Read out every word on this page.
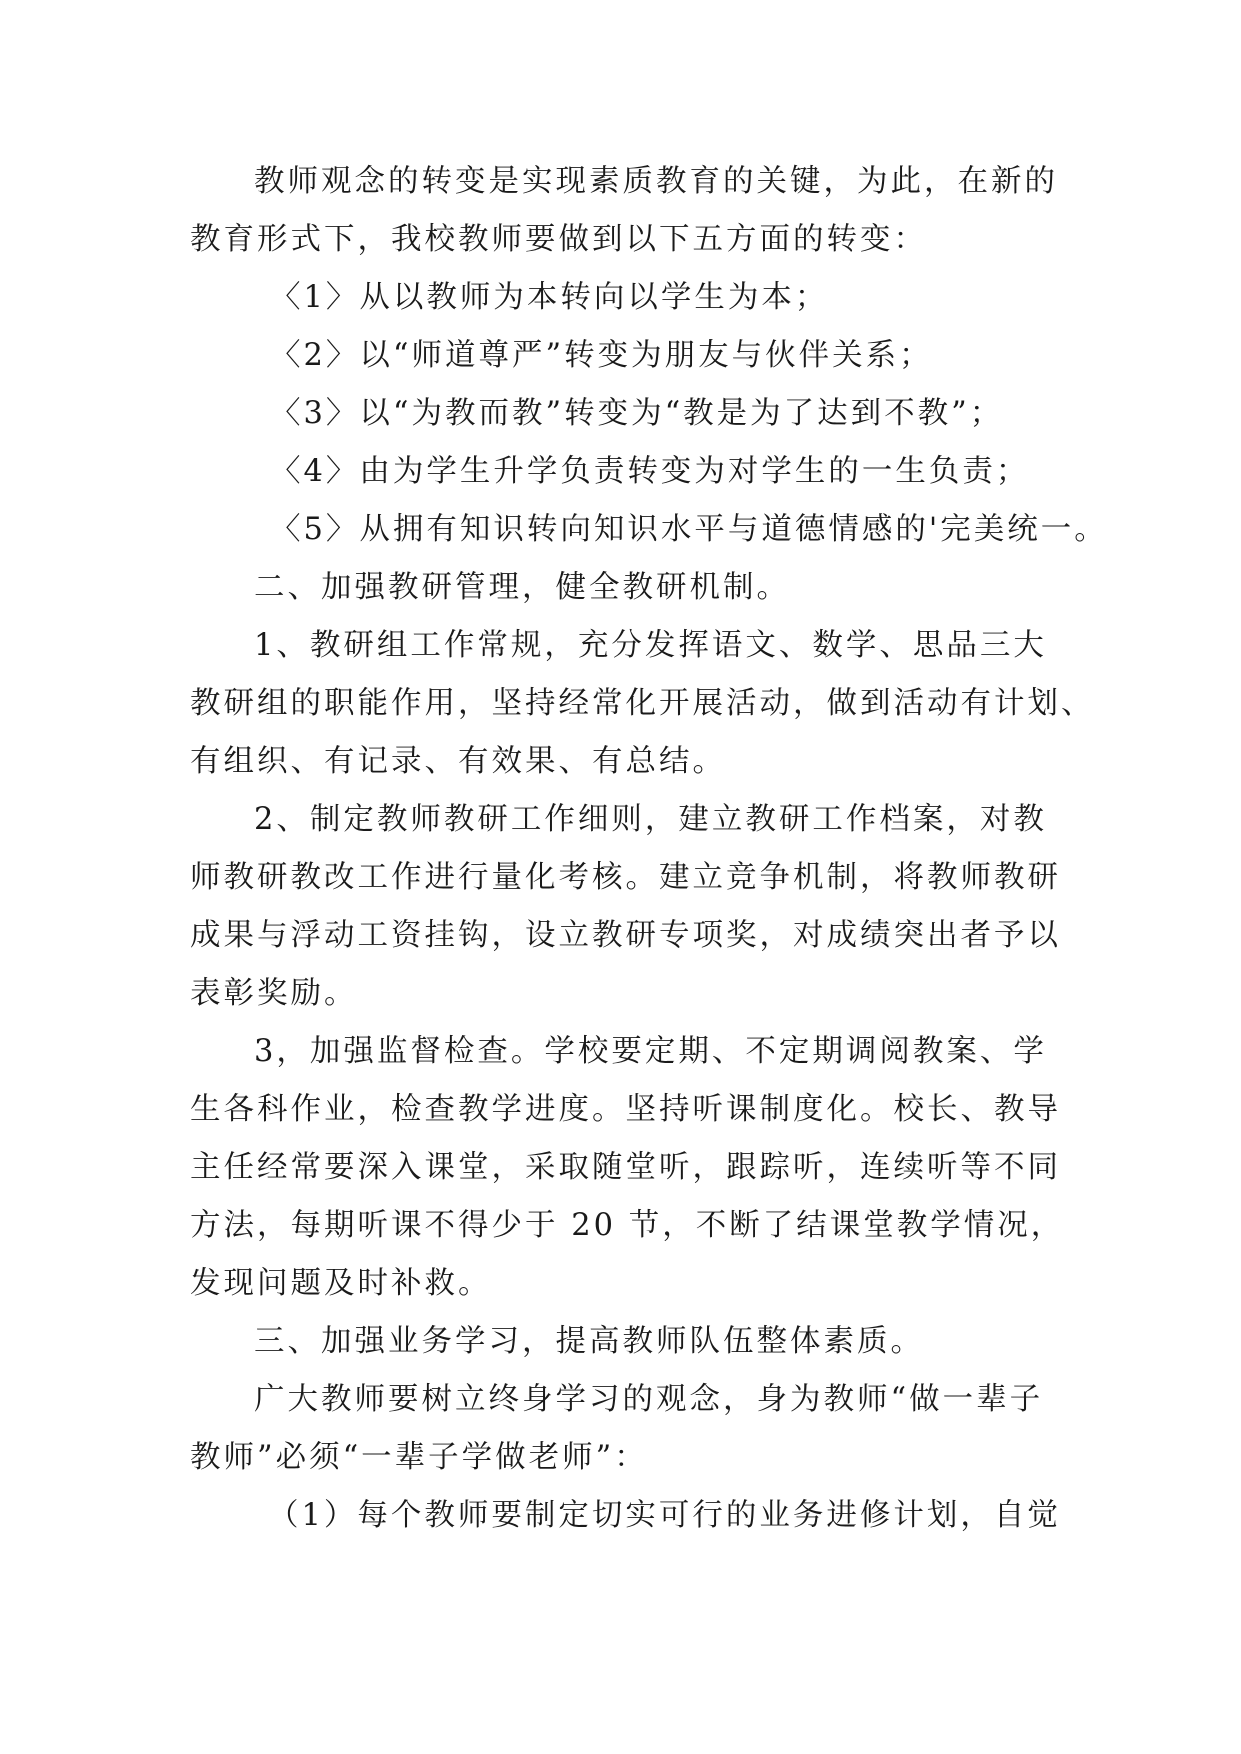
教师观念的转变是实现素质教育的关键，为此，在新的
教育形式下，我校教师要做到以下五方面的转变：
〈1〉从以教师为本转向以学生为本；
〈2〉以“师道尊严”转变为朋友与伙伴关系；
〈3〉以“为教而教”转变为“教是为了达到不教”；
〈4〉由为学生升学负责转变为对学生的一生负责；
〈5〉从拥有知识转向知识水平与道德情感的'完美统一。
二、加强教研管理，健全教研机制。
1、教研组工作常规，充分发挥语文、数学、思品三大
教研组的职能作用，坚持经常化开展活动，做到活动有计划、
有组织、有记录、有效果、有总结。
2、制定教师教研工作细则，建立教研工作档案，对教
师教研教改工作进行量化考核。建立竞争机制，将教师教研
成果与浮动工资挂钩，设立教研专项奖，对成绩突出者予以
表彰奖励。
3，加强监督检查。学校要定期、不定期调阅教案、学
生各科作业，检查教学进度。坚持听课制度化。校长、教导
主任经常要深入课堂，采取随堂听，跟踪听，连续听等不同
方法，每期听课不得少于 20 节，不断了结课堂教学情况，
发现问题及时补救。
三、加强业务学习，提高教师队伍整体素质。
广大教师要树立终身学习的观念，身为教师“做一辈子
教师”必须“一辈子学做老师”：
（1）每个教师要制定切实可行的业务进修计划，自觉
